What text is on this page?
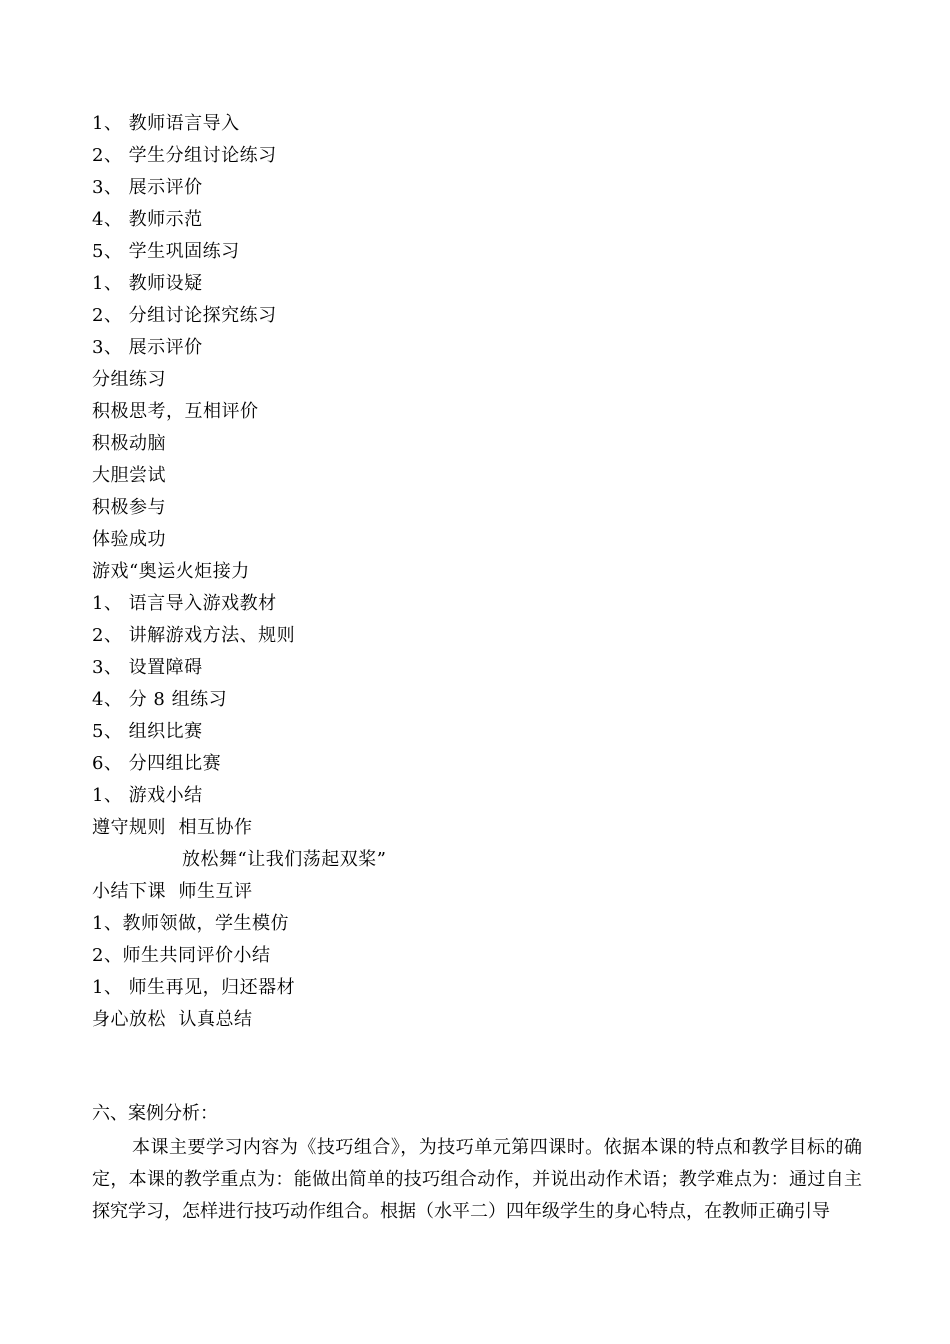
1、 教师语言导入
2、 学生分组讨论练习
3、 展示评价
4、 教师示范
5、 学生巩固练习
1、 教师设疑
2、 分组讨论探究练习
3、 展示评价
分组练习
积极思考，互相评价
积极动脑
大胆尝试
积极参与
体验成功
游戏“奥运火炬接力
1、 语言导入游戏教材
2、 讲解游戏方法、规则
3、 设置障碍
4、 分 8 组练习
5、 组织比赛
6、 分四组比赛
1、 游戏小结
遵守规则  相互协作
放松舞“让我们荡起双桨”
小结下课  师生互评
1、教师领做，学生模仿
2、师生共同评价小结
1、 师生再见，归还器材
身心放松  认真总结
六、案例分析：

本课主要学习内容为《技巧组合》，为技巧单元第四课时。依据本课的特点和教学目标的确定，本课的教学重点为：能做出简单的技巧组合动作，并说出动作术语；教学难点为：通过自主探究学习，怎样进行技巧动作组合。根据（水平二）四年级学生的身心特点，在教师正确引导
